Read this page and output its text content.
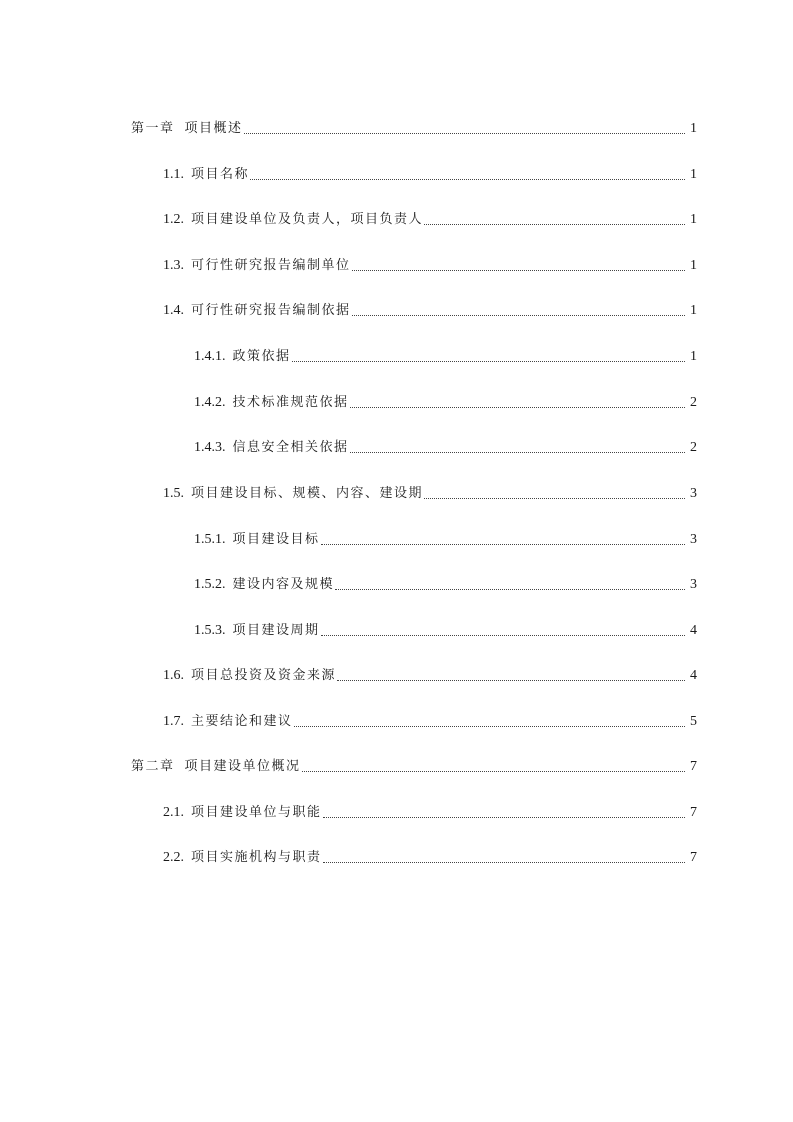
第一章 项目概述	1
1.1. 项目名称	1
1.2. 项目建设单位及负责人，项目负责人	1
1.3. 可行性研究报告编制单位	1
1.4. 可行性研究报告编制依据	1
1.4.1. 政策依据	1
1.4.2. 技术标准规范依据	2
1.4.3. 信息安全相关依据	2
1.5. 项目建设目标、规模、内容、建设期	3
1.5.1. 项目建设目标	3
1.5.2. 建设内容及规模	3
1.5.3. 项目建设周期	4
1.6. 项目总投资及资金来源	4
1.7. 主要结论和建议	5
第二章 项目建设单位概况	7
2.1. 项目建设单位与职能	7
2.2. 项目实施机构与职责	7
